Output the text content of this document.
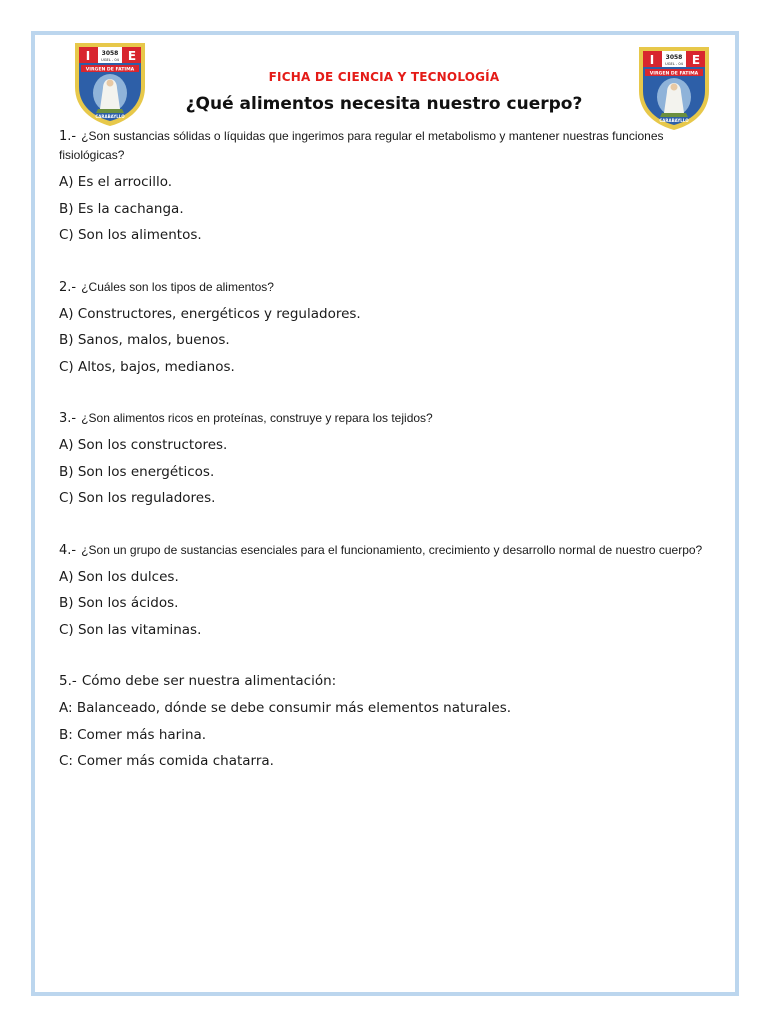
I	E
3058
UGEL - 04
VIRGEN DE FATIMA
CARABAYLLO
I	E
3058
UGEL - 04
VIRGEN DE FATIMA
CARABAYLLO
FICHA DE CIENCIA Y TECNOLOGÍA
¿Qué alimentos necesita nuestro cuerpo?

1.- ¿Son sustancias sólidas o líquidas que ingerimos para regular el metabolismo y mantener nuestras funciones fisiológicas?

A) Es el arrocillo.

B) Es la cachanga.

C) Son los alimentos.

2.- ¿Cuáles son los tipos de alimentos?

A) Constructores, energéticos y reguladores.

B) Sanos, malos, buenos.

C) Altos, bajos, medianos.

3.- ¿Son alimentos ricos en proteínas, construye y repara los tejidos?

A) Son los constructores.

B) Son los energéticos.

C) Son los reguladores.

4.- ¿Son un grupo de sustancias esenciales para el funcionamiento, crecimiento y desarrollo normal de nuestro cuerpo?

A) Son los dulces.

B) Son los ácidos.

C) Son las vitaminas.

5.- Cómo debe ser nuestra alimentación:

A: Balanceado, dónde se debe consumir más elementos naturales.

B: Comer más harina.

C: Comer más comida chatarra.
